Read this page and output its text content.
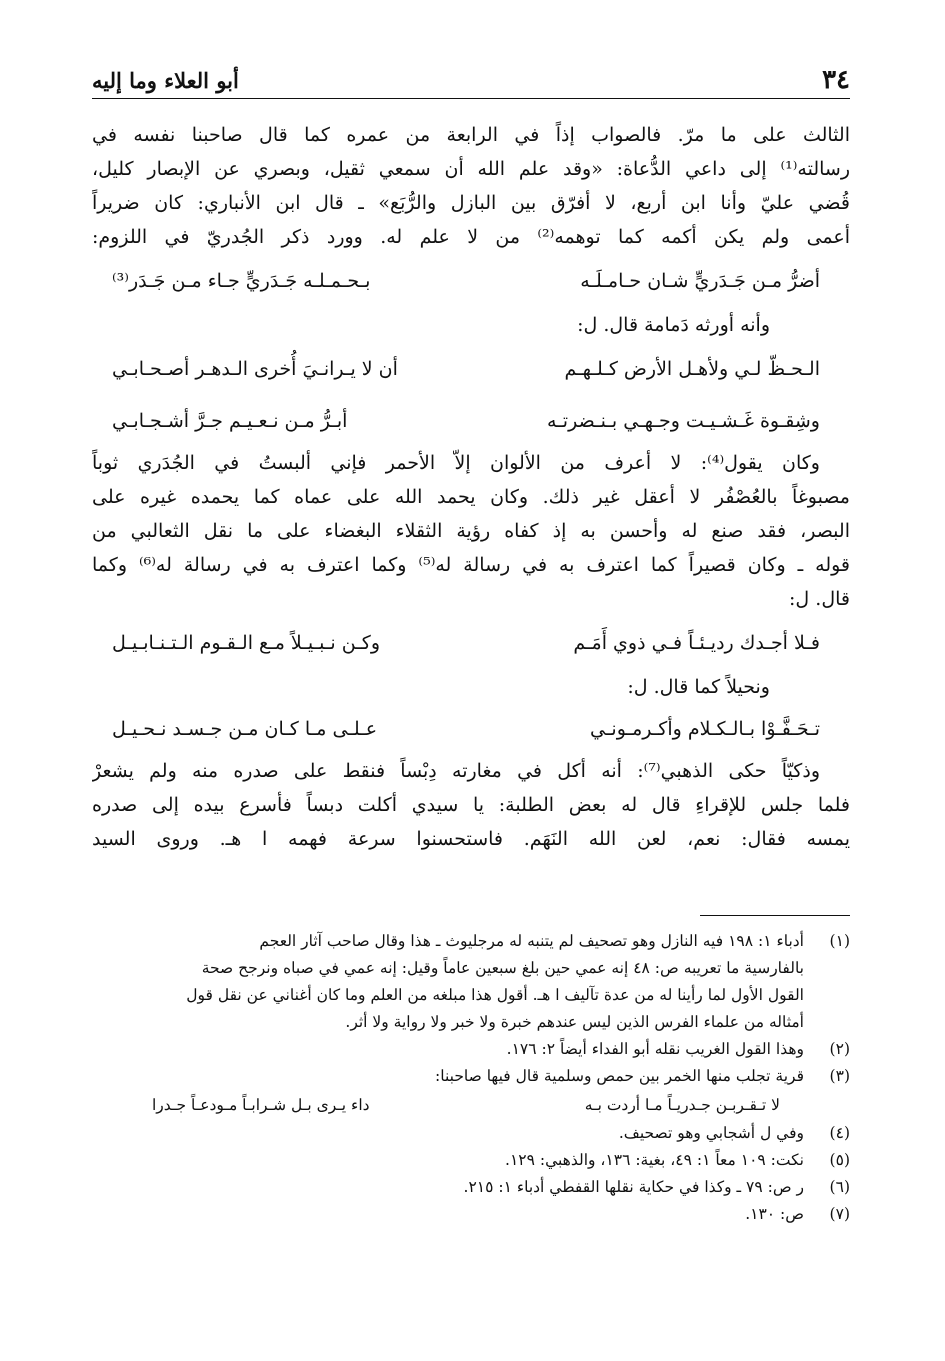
٣٤
أبو العلاء وما إليه
الثالث على ما مرّ. فالصواب إذاً في الرابعة من عمره كما قال صاحبنا نفسه في
رسالته⁽¹⁾ إلى داعي الدُّعاة: «وقد علم الله أن سمعي ثقيل، وبصري عن الإبصار كليل،
قُضي عليّ وأنا ابن أربع، لا أفرّق بين البازل والرُّبَع» ـ قال ابن الأنباري: كان ضريراً
أعمى ولم يكن أكمه كما توهمه⁽²⁾ من لا علم له. وورد ذكر الجُدريّ في اللزوم:
أضرُّ مـن جَـدَريٍّ شـان حـامـلَـه
بـحـمـلـه جَـدَريٍّ جـاء مـن جَـدَر⁽³⁾
وأنه أورثه دَمامة قال. ل:
الـحـظّ لـي ولأهـل الأرض كـلـهـم
أن لا يـرانـيَ أُخرى الـدهـر أصـحـابـي
وشِقـوة غَـشـيـت وجـهـي بـنـضرتـه
أبـرُّ مـن نـعـيـم جـرَّ أشـجـابـي
وكان يقول⁽⁴⁾: لا أعرف من الألوان إلاّ الأحمر فإني ألبستُ في الجُدَري ثوباً
مصبوغاً بالعُصْفُر لا أعقل غير ذلك. وكان يحمد الله على عماه كما يحمده غيره على
البصر، فقد صنع له وأحسن به إذ كفاه رؤية الثقلاء البغضاء على ما نقل الثعالبي من
قوله ـ وكان قصيراً كما اعترف به في رسالة له⁽⁵⁾ وكما اعترف به في رسالة له⁽⁶⁾ وكما
قال. ل:
فـلا أجـدك رديـئـاً فـي ذوي أَمَـم
وكـن نـبـيـلاً مـع الـقـوم الـتـنـابـيـل
ونحيلاً كما قال. ل:
تـحَـفَّـوْا بـالـكـلام وأكـرمـونـي
عـلـى مـا كـان مـن جـسـد نـحـيـل
وذكيّاً حكى الذهبي⁽⁷⁾: أنه أكل في مغارته دِبْساً فنقط على صدره منه ولم يشعرْ
فلما جلس للإقراءِ قال له بعض الطلبة: يا سيدي أكلت دبساً فأسرع بيده إلى صدره
يمسه فقال: نعم، لعن الله النَهَم. فاستحسنوا سرعة فهمه ا هـ. وروى السيد
(١)
أدباء ١: ١٩٨ فيه النازل وهو تصحيف لم يتنبه له مرجليوث ـ هذا وقال صاحب آثار العجم
بالفارسية ما تعريبه ص: ٤٨ إنه عمي حين بلغ سبعين عاماً وقيل: إنه عمي في صباه ونرجح صحة
القول الأول لما رأينا له من عدة تآليف ا هـ. أقول هذا مبلغه من العلم وما كان أغناني عن نقل قول
أمثاله من علماء الفرس الذين ليس عندهم خبرة ولا خبر ولا رواية ولا أثر.
(٢)
وهذا القول الغريب نقله أبو الفداء أيضاً ٢: ١٧٦.
(٣)
قرية تجلب منها الخمر بين حمص وسلمية قال فيها صاحبنا:
لا تـقـربـن جـدريـاً مـا أردت بـه
داء يـرى بـل شـرابـاً مـودعـاً جـدرا
(٤)
وفي ل أشجابي وهو تصحيف.
(٥)
نكت: ١٠٩ معاً ١: ٤٩، بغية: ١٣٦، والذهبي: ١٢٩.
(٦)
ر ص: ٧٩ ـ وكذا في حكاية نقلها القفطي أدباء ١: ٢١٥.
(٧)
ص: ١٣٠.
